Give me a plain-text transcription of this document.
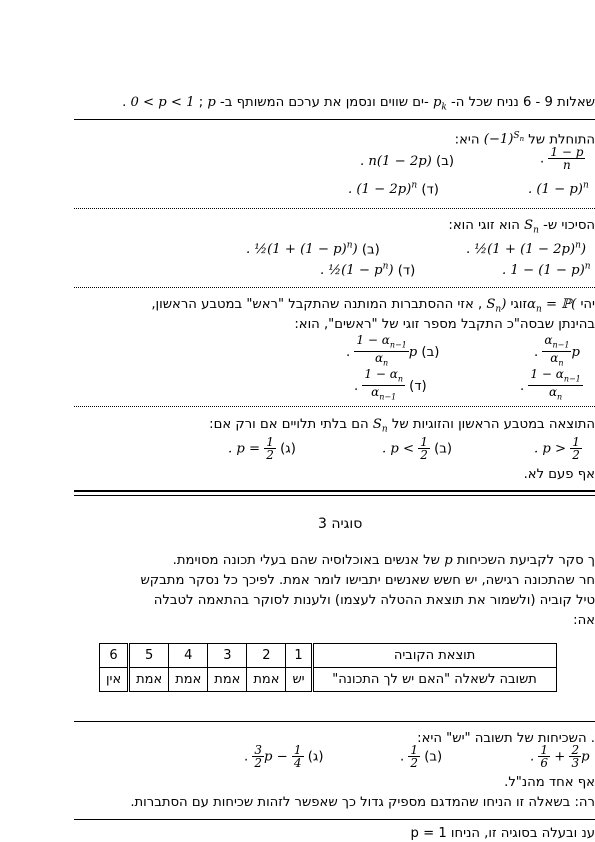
שאלות 9 - 6 נניח שכל ה- $p_k$ -ים שווים ונסמן את ערכם המשותף ב- p ; 0 < p < 1 .
התוחלת של $(-1)^{S_n}$ היא:
. n(1 − 2p) (ב)	. $\frac{1 - p}{n}$
. $(1 - 2p)^n$ (ד)	. $(1 - p)^n$
הסיכוי ש- $S_n$ הוא זוגי הוא:
. ½(1 + $(1 - p)^n$) (ב)	. ½(1 + $(1 - 2p)^n$)
. ½(1 − $p^n$) (ד)	. $1 - (1 - p)^n$
יהי $\alpha_n$ = ℙ(זוגי $S_n$) , אזי ההסתברות המותנה שהתקבל "ראש" במטבע הראשון,
בהינתן שבסה"כ התקבל מספר זוגי של "ראשים", הוא:
. $\frac{1 - \alpha_{n-1}}{\alpha_n}$ p (ב)	. $\frac{\alpha_{n-1}}{\alpha_n}$ p
. $\frac{1 - \alpha_n}{\alpha_{n-1}}$ (ד)	. $\frac{1 - \alpha_{n-1}}{\alpha_n}$
התוצאה במטבע הראשון והזוגיות של $S_n$ הם בלתי תלויים אם ורק אם:
. $p = \frac{1}{2}$ (ג)	. $p < \frac{1}{2}$ (ב)	. $p > \frac{1}{2}$
אף פעם לא.
סוגיה 3
ך סקר לקביעת השכיחות p של אנשים באוכלוסיה שהם בעלי תכונה מסוימת.
חר שהתכונה רגישה, יש חשש שאנשים יתבישו לומר אמת. לפיכך כל נסקר מתבקש
טיל קוביה (ולשמור את תוצאת ההטלה לעצמו) ולענות לסוקר בהתאמה לטבלה
אה:
תוצאת הקוביה	1	2	3	4	5	6
תשובה לשאלה "האם יש לך התכונה"	יש	אמת	אמת	אמת	אמת	אין
. השכיחות של תשובה "יש" היא:
. $\frac{3}{2}$ $p - \frac{1}{4}$ (ג)	. $\frac{1}{2}$ (ב)	. $\frac{1}{6} + \frac{2}{3}$ p
אף אחד מהנ"ל.
רה: בשאלה זו הניחו שהמדגם מספיק גדול כך שאפשר לזהות שכיחות עם הסתברות.
ענ ובעלה בסוגיה זו, הניחו p = 1
